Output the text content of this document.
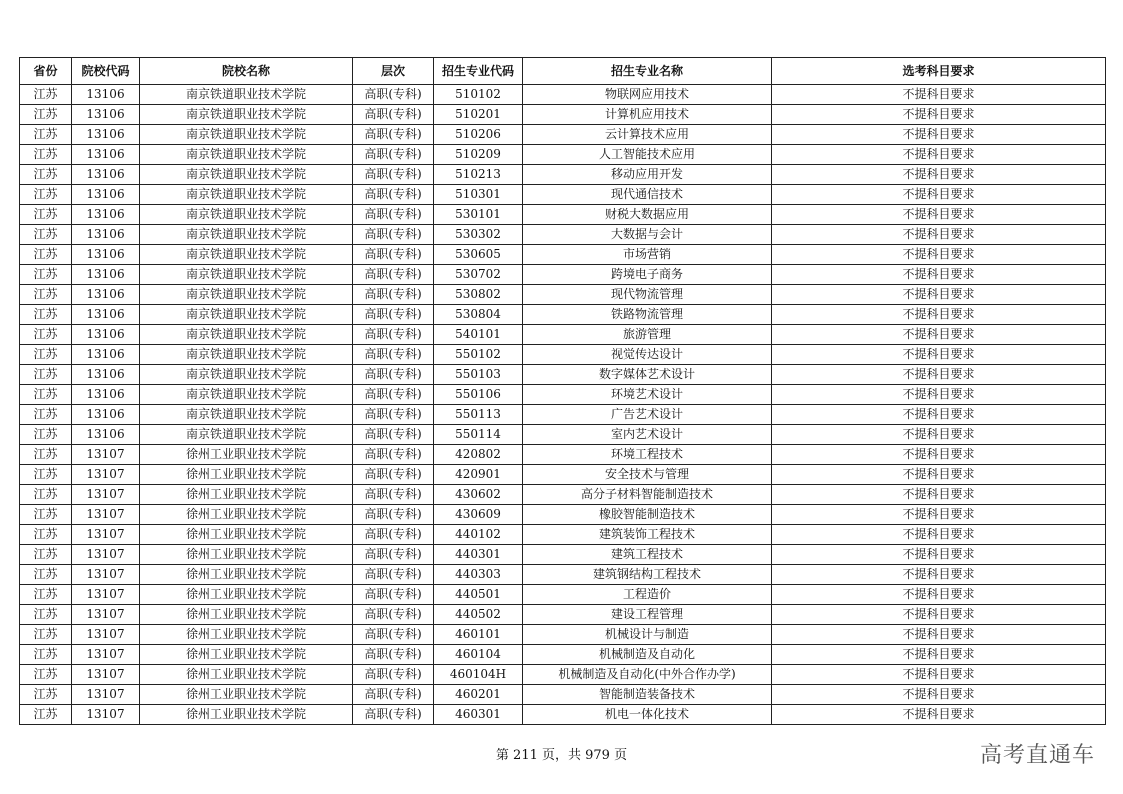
省份	院校代码	院校名称	层次	招生专业代码	招生专业名称	选考科目要求
江苏	13106	南京铁道职业技术学院	高职(专科)	510102	物联网应用技术	不提科目要求
江苏	13106	南京铁道职业技术学院	高职(专科)	510201	计算机应用技术	不提科目要求
江苏	13106	南京铁道职业技术学院	高职(专科)	510206	云计算技术应用	不提科目要求
江苏	13106	南京铁道职业技术学院	高职(专科)	510209	人工智能技术应用	不提科目要求
江苏	13106	南京铁道职业技术学院	高职(专科)	510213	移动应用开发	不提科目要求
江苏	13106	南京铁道职业技术学院	高职(专科)	510301	现代通信技术	不提科目要求
江苏	13106	南京铁道职业技术学院	高职(专科)	530101	财税大数据应用	不提科目要求
江苏	13106	南京铁道职业技术学院	高职(专科)	530302	大数据与会计	不提科目要求
江苏	13106	南京铁道职业技术学院	高职(专科)	530605	市场营销	不提科目要求
江苏	13106	南京铁道职业技术学院	高职(专科)	530702	跨境电子商务	不提科目要求
江苏	13106	南京铁道职业技术学院	高职(专科)	530802	现代物流管理	不提科目要求
江苏	13106	南京铁道职业技术学院	高职(专科)	530804	铁路物流管理	不提科目要求
江苏	13106	南京铁道职业技术学院	高职(专科)	540101	旅游管理	不提科目要求
江苏	13106	南京铁道职业技术学院	高职(专科)	550102	视觉传达设计	不提科目要求
江苏	13106	南京铁道职业技术学院	高职(专科)	550103	数字媒体艺术设计	不提科目要求
江苏	13106	南京铁道职业技术学院	高职(专科)	550106	环境艺术设计	不提科目要求
江苏	13106	南京铁道职业技术学院	高职(专科)	550113	广告艺术设计	不提科目要求
江苏	13106	南京铁道职业技术学院	高职(专科)	550114	室内艺术设计	不提科目要求
江苏	13107	徐州工业职业技术学院	高职(专科)	420802	环境工程技术	不提科目要求
江苏	13107	徐州工业职业技术学院	高职(专科)	420901	安全技术与管理	不提科目要求
江苏	13107	徐州工业职业技术学院	高职(专科)	430602	高分子材料智能制造技术	不提科目要求
江苏	13107	徐州工业职业技术学院	高职(专科)	430609	橡胶智能制造技术	不提科目要求
江苏	13107	徐州工业职业技术学院	高职(专科)	440102	建筑装饰工程技术	不提科目要求
江苏	13107	徐州工业职业技术学院	高职(专科)	440301	建筑工程技术	不提科目要求
江苏	13107	徐州工业职业技术学院	高职(专科)	440303	建筑钢结构工程技术	不提科目要求
江苏	13107	徐州工业职业技术学院	高职(专科)	440501	工程造价	不提科目要求
江苏	13107	徐州工业职业技术学院	高职(专科)	440502	建设工程管理	不提科目要求
江苏	13107	徐州工业职业技术学院	高职(专科)	460101	机械设计与制造	不提科目要求
江苏	13107	徐州工业职业技术学院	高职(专科)	460104	机械制造及自动化	不提科目要求
江苏	13107	徐州工业职业技术学院	高职(专科)	460104H	机械制造及自动化(中外合作办学)	不提科目要求
江苏	13107	徐州工业职业技术学院	高职(专科)	460201	智能制造装备技术	不提科目要求
江苏	13107	徐州工业职业技术学院	高职(专科)	460301	机电一体化技术	不提科目要求
第 211 页，共 979 页	高考直通车
